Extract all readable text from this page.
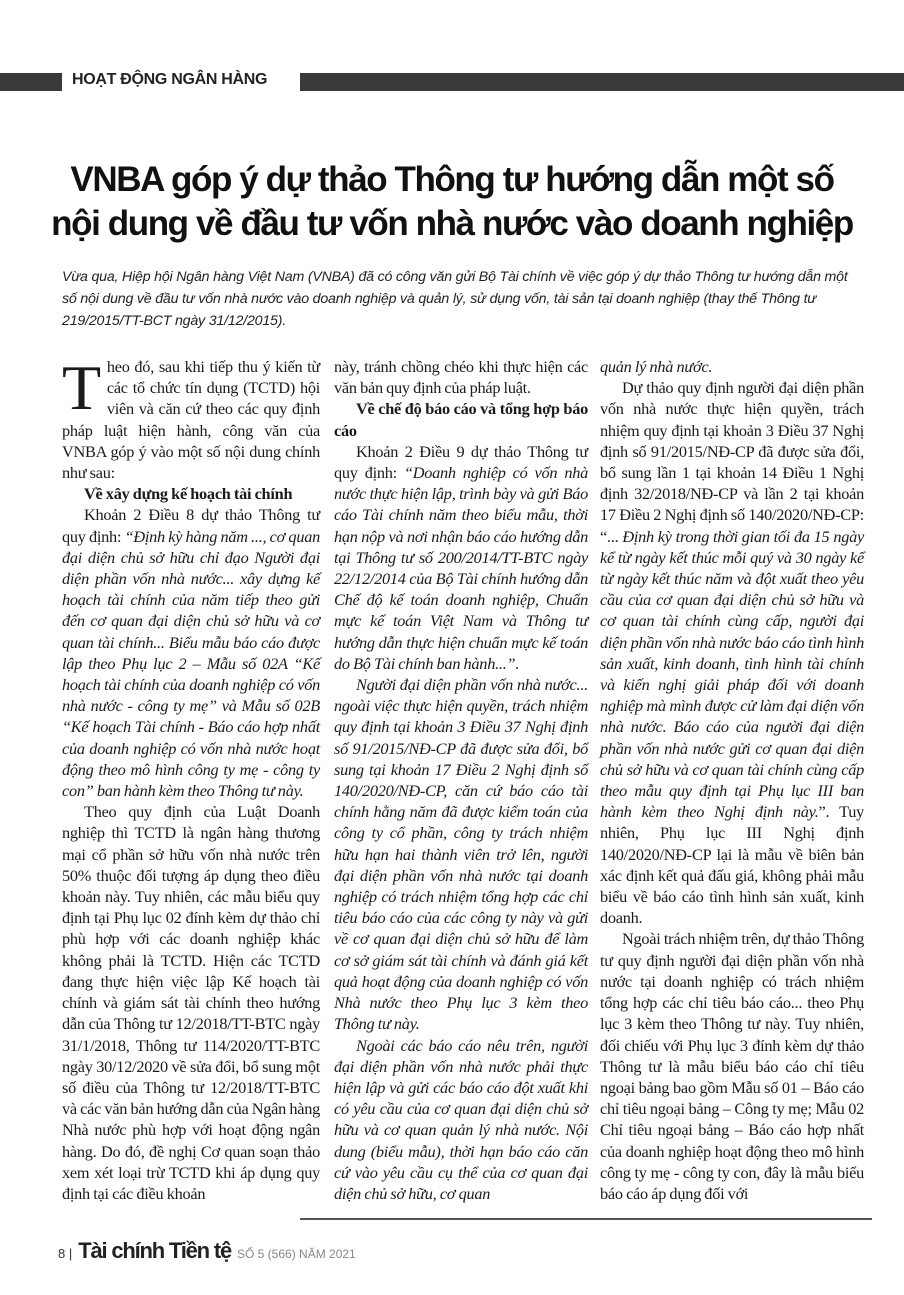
HOẠT ĐỘNG NGÂN HÀNG
VNBA góp ý dự thảo Thông tư hướng dẫn một số
nội dung về đầu tư vốn nhà nước vào doanh nghiệp
Vừa qua, Hiệp hội Ngân hàng Việt Nam (VNBA) đã có công văn gửi Bộ Tài chính về việc góp ý dự thảo Thông tư hướng dẫn một số nội dung về đầu tư vốn nhà nước vào doanh nghiệp và quản lý, sử dụng vốn, tài sản tại doanh nghiệp (thay thế Thông tư 219/2015/TT-BCT ngày 31/12/2015).

Theo đó, sau khi tiếp thu ý kiến từ các tổ chức tín dụng (TCTD) hội viên và căn cứ theo các quy định pháp luật hiện hành, công văn của VNBA góp ý vào một số nội dung chính như sau:

Về xây dựng kế hoạch tài chính

Khoản 2 Điều 8 dự thảo Thông tư quy định: “Định kỳ hàng năm ..., cơ quan đại diện chủ sở hữu chỉ đạo Người đại diện phần vốn nhà nước... xây dựng kế hoạch tài chính của năm tiếp theo gửi đến cơ quan đại diện chủ sở hữu và cơ quan tài chính... Biểu mẫu báo cáo được lập theo Phụ lục 2 – Mẫu số 02A “Kế hoạch tài chính của doanh nghiệp có vốn nhà nước - công ty mẹ” và Mẫu số 02B “Kế hoạch Tài chính - Báo cáo hợp nhất của doanh nghiệp có vốn nhà nước hoạt động theo mô hình công ty mẹ - công ty con” ban hành kèm theo Thông tư này.

Theo quy định của Luật Doanh nghiệp thì TCTD là ngân hàng thương mại cổ phần sở hữu vốn nhà nước trên 50% thuộc đối tượng áp dụng theo điều khoản này. Tuy nhiên, các mẫu biểu quy định tại Phụ lục 02 đính kèm dự thảo chỉ phù hợp với các doanh nghiệp khác không phải là TCTD. Hiện các TCTD đang thực hiện việc lập Kế hoạch tài chính và giám sát tài chính theo hướng dẫn của Thông tư 12/2018/TT-BTC ngày 31/1/2018, Thông tư 114/2020/TT-BTC ngày 30/12/2020 về sửa đổi, bổ sung một số điều của Thông tư 12/2018/TT-BTC và các văn bản hướng dẫn của Ngân hàng Nhà nước phù hợp với hoạt động ngân hàng. Do đó, đề nghị Cơ quan soạn thảo xem xét loại trừ TCTD khi áp dụng quy định tại các điều khoản

này, tránh chồng chéo khi thực hiện các văn bản quy định của pháp luật.

Về chế độ báo cáo và tổng hợp báo cáo

Khoản 2 Điều 9 dự thảo Thông tư quy định: “Doanh nghiệp có vốn nhà nước thực hiện lập, trình bày và gửi Báo cáo Tài chính năm theo biểu mẫu, thời hạn nộp và nơi nhận báo cáo hướng dẫn tại Thông tư số 200/2014/TT-BTC ngày 22/12/2014 của Bộ Tài chính hướng dẫn Chế độ kế toán doanh nghiệp, Chuẩn mực kế toán Việt Nam và Thông tư hướng dẫn thực hiện chuẩn mực kế toán do Bộ Tài chính ban hành...”.

Người đại diện phần vốn nhà nước... ngoài việc thực hiện quyền, trách nhiệm quy định tại khoản 3 Điều 37 Nghị định số 91/2015/NĐ-CP đã được sửa đổi, bổ sung tại khoản 17 Điều 2 Nghị định số 140/2020/NĐ-CP, căn cứ báo cáo tài chính hằng năm đã được kiểm toán của công ty cổ phần, công ty trách nhiệm hữu hạn hai thành viên trở lên, người đại diện phần vốn nhà nước tại doanh nghiệp có trách nhiệm tổng hợp các chỉ tiêu báo cáo của các công ty này và gửi về cơ quan đại diện chủ sở hữu để làm cơ sở giám sát tài chính và đánh giá kết quả hoạt động của doanh nghiệp có vốn Nhà nước theo Phụ lục 3 kèm theo Thông tư này.

Ngoài các báo cáo nêu trên, người đại diện phần vốn nhà nước phải thực hiện lập và gửi các báo cáo đột xuất khi có yêu cầu của cơ quan đại diện chủ sở hữu và cơ quan quản lý nhà nước. Nội dung (biểu mẫu), thời hạn báo cáo căn cứ vào yêu cầu cụ thể của cơ quan đại diện chủ sở hữu, cơ quan

quản lý nhà nước.

Dự thảo quy định người đại diện phần vốn nhà nước thực hiện quyền, trách nhiệm quy định tại khoản 3 Điều 37 Nghị định số 91/2015/NĐ-CP đã được sửa đổi, bổ sung lần 1 tại khoản 14 Điều 1 Nghị định 32/2018/NĐ-CP và lần 2 tại khoản 17 Điều 2 Nghị định số 140/2020/NĐ-CP: “... Định kỳ trong thời gian tối đa 15 ngày kể từ ngày kết thúc mỗi quý và 30 ngày kể từ ngày kết thúc năm và đột xuất theo yêu cầu của cơ quan đại diện chủ sở hữu và cơ quan tài chính cùng cấp, người đại diện phần vốn nhà nước báo cáo tình hình sản xuất, kinh doanh, tình hình tài chính và kiến nghị giải pháp đối với doanh nghiệp mà mình được cử làm đại diện vốn nhà nước. Báo cáo của người đại diện phần vốn nhà nước gửi cơ quan đại diện chủ sở hữu và cơ quan tài chính cùng cấp theo mẫu quy định tại Phụ lục III ban hành kèm theo Nghị định này.”. Tuy nhiên, Phụ lục III Nghị định 140/2020/NĐ-CP lại là mẫu về biên bản xác định kết quả đấu giá, không phải mẫu biểu về báo cáo tình hình sản xuất, kinh doanh.

Ngoài trách nhiệm trên, dự thảo Thông tư quy định người đại diện phần vốn nhà nước tại doanh nghiệp có trách nhiệm tổng hợp các chỉ tiêu báo cáo... theo Phụ lục 3 kèm theo Thông tư này. Tuy nhiên, đối chiếu với Phụ lục 3 đính kèm dự thảo Thông tư là mẫu biểu báo cáo chỉ tiêu ngoại bảng bao gồm Mẫu số 01 – Báo cáo chỉ tiêu ngoại bảng – Công ty mẹ; Mẫu 02 Chỉ tiêu ngoại bảng – Báo cáo hợp nhất của doanh nghiệp hoạt động theo mô hình công ty mẹ - công ty con, đây là mẫu biểu báo cáo áp dụng đối với

8 | Tài chính Tiền tệ SỐ 5 (566) NĂM 2021
